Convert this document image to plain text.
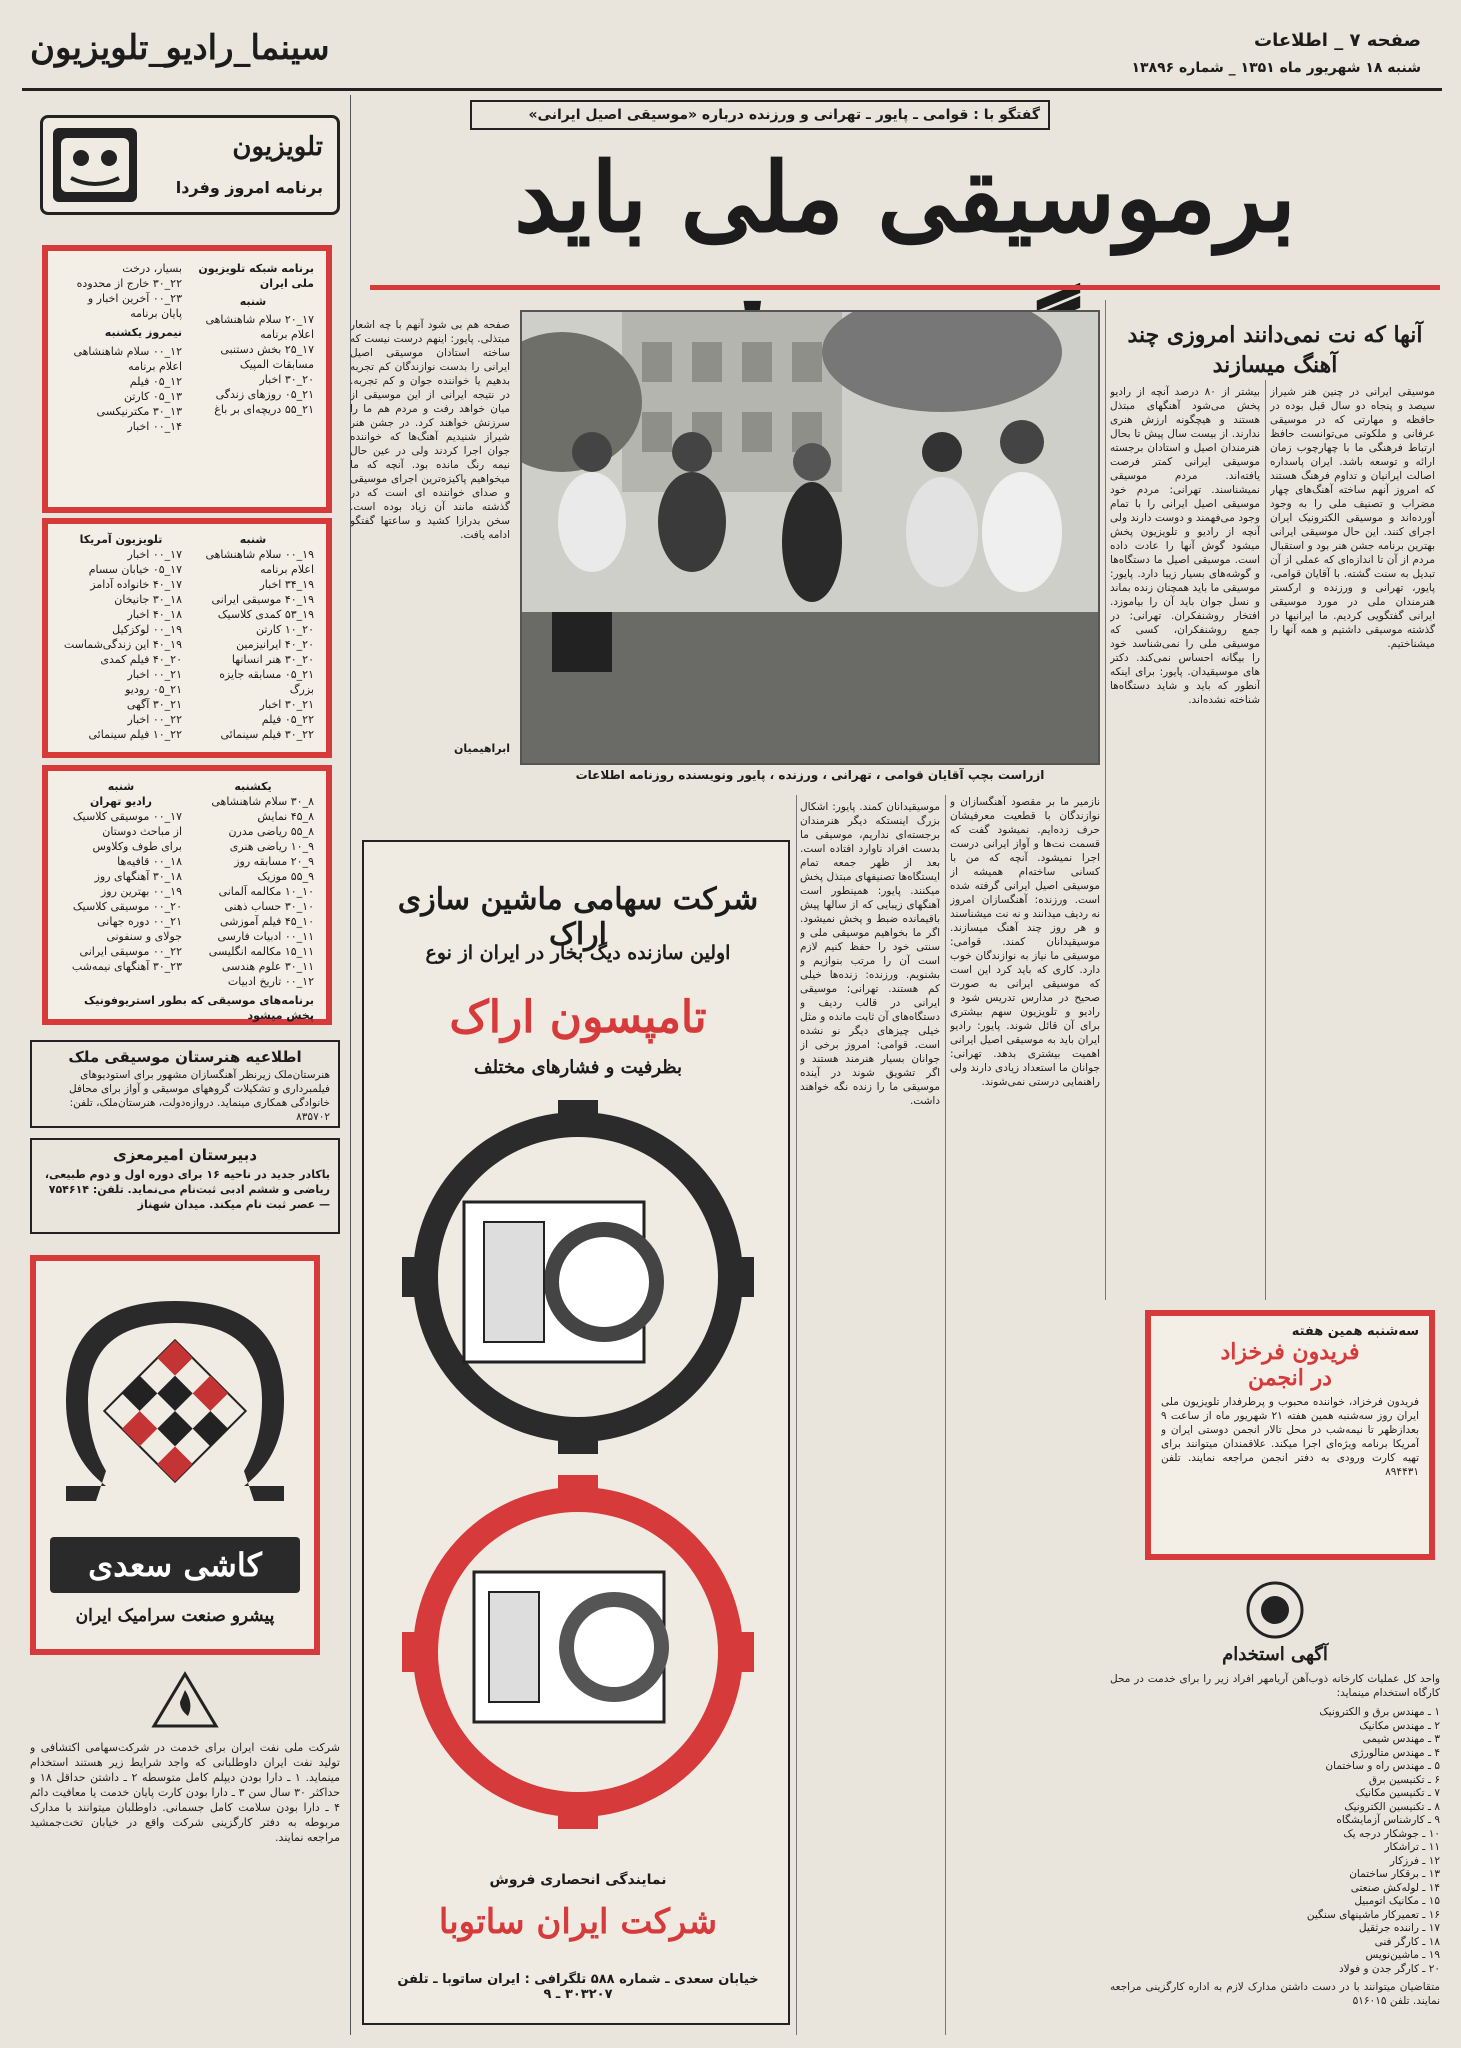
سینما_رادیو_تلویزیون	صفحه ۷ _ اطلاعات
شنبه ۱۸ شهریور ماه ۱۳۵۱ _ شماره ۱۳۸۹۶
تلویزیون
برنامه امروز وفردا
برنامه شبکه تلویزیون ملی ایران
شنبه
۱۷_۲۰ سلام شاهنشاهی
اعلام برنامه
۱۷_۲۵ بخش دستنبی
مسابقات المپیک
۲۰_۳۰ اخبار
۲۱_۰۵ روزهای زندگی
۲۱_۵۵ دریچه‌ای بر باغ
بسیار، درخت
۲۲_۳۰ خارج از محدوده
۲۳_۰۰ آخرین اخبار و
پایان برنامه
نیمروز یکشنبه
۱۲_۰۰ سلام شاهنشاهی
اعلام برنامه
۱۲_۰۵ فیلم
۱۳_۰۵ کارتن
۱۳_۳۰ مکترنیکسی
۱۴_۰۰ اخبار
شنبه
۱۹_۰۰ سلام شاهنشاهی
اعلام برنامه
۱۹_۳۴ اخبار
۱۹_۴۰ موسیقی ایرانی
۱۹_۵۳ کمدی کلاسیک
۲۰_۱۰ کارتن
۲۰_۴۰ ایرانیزمین
۲۰_۳۰ هنر انسانها
۲۱_۰۵ مسابقه جایزه بزرگ
۲۱_۳۰ اخبار
۲۲_۰۵ فیلم
۲۲_۳۰ فیلم سینمائی
تلویزیون آمریکا
۱۷_۰۰ اخبار
۱۷_۰۵ خیابان سسام
۱۷_۴۰ خانواده آدامز
۱۸_۳۰ جانیخان
۱۸_۴۰ اخبار
۱۹_۰۰ لوکزکیل
۱۹_۴۰ این زندگی‌شماست
۲۰_۴۰ فیلم کمدی
۲۱_۰۰ اخبار
۲۱_۰۵ رودیو
۲۱_۳۰ آگهی
۲۲_۰۰ اخبار
۲۲_۱۰ فیلم سینمائی
یکشنبه
۸_۳۰ سلام شاهنشاهی
۸_۴۵ نمایش
۸_۵۵ ریاضی مدرن
۹_۱۰ ریاضی هنری
۹_۲۰ مسابقه روز
۹_۵۵ موزیک
۱۰_۱۰ مکالمه آلمانی
۱۰_۳۰ حساب ذهنی
۱۰_۴۵ فیلم آموزشی
۱۱_۰۰ ادبیات فارسی
۱۱_۱۵ مکالمه انگلیسی
۱۱_۳۰ علوم هندسی
۱۲_۰۰ تاریخ ادبیات
شنبه
رادیو تهران
۱۷_۰۰ موسیقی کلاسیک
از مباحث دوستان
برای طوف وکلاوس
۱۸_۰۰ قافیه‌ها
۱۸_۳۰ آهنگهای روز
۱۹_۰۰ بهترین روز
۲۰_۰۰ موسیقی کلاسیک
۲۱_۰۰ دوره جهانی
جولای و سنفونی
۲۲_۰۰ موسیقی ایرانی
۲۳_۳۰ آهنگهای نیمه‌شب
برنامه‌های موسیقی که بطور استریوفونیک پخش میشود
اطلاعیه هنرستان موسیقی ملک
هنرستان‌ملک زیرنظر آهنگسازان مشهور برای استودیوهای فیلمبرداری و تشکیلات گروههای موسیقی و آواز برای محافل خانوادگی همکاری مینماید. دروازه‌دولت، هنرستان‌ملک، تلفن: ۸۳۵۷۰۲
دبیرستان امیرمعزی
باکادر جدید در ناحیه ۱۶ برای دوره اول و دوم طبیعی، ریاضی و ششم ادبی ثبت‌نام می‌نماید. تلفن: ۷۵۴۶۱۴ — عصر ثبت نام میکند. میدان شهناز
کاشی سعدی
پیشرو صنعت سرامیک ایران
شرکت ملی نفت ایران برای خدمت در شرکت‌سهامی اکتشافی و تولید نفت ایران داوطلبانی که واجد شرایط زیر هستند استخدام مینماید. ۱ ـ دارا بودن دیپلم کامل متوسطه ۲ ـ داشتن حداقل ۱۸ و حداکثر ۳۰ سال سن ۳ ـ دارا بودن کارت پایان خدمت یا معافیت دائم ۴ ـ دارا بودن سلامت کامل جسمانی. داوطلبان میتوانند با مدارک مربوطه به دفتر کارگزینی شرکت واقع در خیابان تخت‌جمشید مراجعه نمایند.
گفتگو با : قوامی ـ پایور ـ تهرانی و ورزنده درباره «موسیقی اصیل ایرانی»
برموسیقی ملی باید
آنها که نت نمی‌دانند امروزی چند آهنگ میسازند
ازراست بچپ آقایان قوامی ، تهرانی ، ورزنده ، پایور ونویسنده روزنامه اطلاعات
صفحه هم بی شود آنهم با چه اشعار مبتذلی. پایور: اینهم درست نیست که ساخته استادان موسیقی اصیل ایرانی را بدست نوازندگان کم تجربه بدهیم یا خواننده جوان و کم تجربه. در نتیجه ایرانی از این موسیقی از میان خواهد رفت و مردم هم ما را سرزنش خواهند کرد. در جشن هنر شیراز شنیدیم آهنگ‌ها که خواننده جوان اجرا کردند ولی در عین حال نیمه رنگ مانده بود. آنچه که ما میخواهیم پاکیزه‌ترین اجرای موسیقی و صدای خواننده ای است که در گذشته مانند آن زیاد بوده است. سخن بدرازا کشید و ساعتها گفتگو ادامه یافت.
ابراهیمیان
موسیقی ایرانی در چنین هنر شیراز سیصد و پنجاه دو سال قبل بوده در حافظه و مهارتی که در موسیقی عرفانی و ملکوتی می‌توانست حافظ ارتباط فرهنگی ما با چهارچوب زمان ارائه و توسعه باشد. ایران پاسداره اصالت ایرانیان و تداوم فرهنگ هستند که امروز آنهم ساخته آهنگ‌های چهار مضراب و تصنیف ملی را به وجود آورده‌اند و موسیقی الکترونیک ایران اجرای کنند. این حال موسیقی ایرانی بهترین برنامه جشن هنر بود و استقبال مردم از آن تا اندازه‌ای که عملی از آن تبدیل به سنت گشته. با آقایان قوامی، پایور، تهرانی و ورزنده و ارکستر هنرمندان ملی در مورد موسیقی ایرانی گفتگویی کردیم. ما ایرانیها در گذشته موسیقی داشتیم و همه آنها را میشناختیم.
بیشتر از ۸۰ درصد آنچه از رادیو پخش می‌شود آهنگهای مبتذل هستند و هیچگونه ارزش هنری ندارند. از بیست سال پیش تا بحال هنرمندان اصیل و استادان برجسته موسیقی ایرانی کمتر فرصت یافته‌اند. مردم موسیقی نمیشناسند. تهرانی: مردم خود موسیقی اصیل ایرانی را با تمام وجود می‌فهمند و دوست دارند ولی آنچه از رادیو و تلویزیون پخش میشود گوش آنها را عادت داده است. موسیقی اصیل ما دستگاه‌ها و گوشه‌های بسیار زیبا دارد. پایور: موسیقی ما باید همچنان زنده بماند و نسل جوان باید آن را بیاموزد. افتخار روشنفکران. تهرانی: در جمع روشنفکران، کسی که موسیقی ملی را نمی‌شناسد خود را بیگانه احساس نمی‌کند. دکتر های موسیقیدان. پایور: برای اینکه آنطور که باید و شاید دستگاه‌ها شناخته نشده‌اند.
نازمیر ما بر مقصود آهنگسازان و نوازندگان با قطعیت معرفیشان حرف زده‌ایم. نمیشود گفت که قسمت نت‌ها و آواز ایرانی درست اجرا نمیشود. آنچه که من با کسانی ساخته‌ام همیشه از موسیقی اصیل ایرانی گرفته شده است. ورزنده: آهنگسازان امروز نه ردیف میدانند و نه نت میشناسند و هر روز چند آهنگ میسازند. موسیقیدانان کمند. قوامی: موسیقی ما نیاز به نوازندگان خوب دارد. کاری که باید کرد این است که موسیقی ایرانی به صورت صحیح در مدارس تدریس شود و رادیو و تلویزیون سهم بیشتری برای آن قائل شوند. پایور: رادیو ایران باید به موسیقی اصیل ایرانی اهمیت بیشتری بدهد. تهرانی: جوانان ما استعداد زیادی دارند ولی راهنمایی درستی نمی‌شوند.
موسیقیدانان کمند. پایور: اشکال بزرگ اینستکه دیگر هنرمندان برجسته‌ای نداریم، موسیقی ما بدست افراد ناوارد افتاده است. بعد از ظهر جمعه تمام ایستگاه‌ها تصنیفهای مبتذل پخش میکنند. پایور: همینطور است آهنگهای زیبایی که از سالها پیش باقیمانده ضبط و پخش نمیشود. اگر ما بخواهیم موسیقی ملی و سنتی خود را حفظ کنیم لازم است آن را مرتب بنوازیم و بشنویم. ورزنده: زنده‌ها خیلی کم هستند. تهرانی: موسیقی ایرانی در قالب ردیف و دستگاه‌های آن ثابت مانده و مثل خیلی چیزهای دیگر نو نشده است. قوامی: امروز برخی از جوانان بسیار هنرمند هستند و اگر تشویق شوند در آینده موسیقی ما را زنده نگه خواهند داشت.
شرکت سهامی ماشین سازی اراک
اولین سازنده دیگ بخار در ایران از نوع
تامپسون ‌‌‌‌اراک
بظرفیت و فشارهای مختلف
نمایندگی انحصاری فروش
شرکت ایران ساتوبا
خیابان سعدی ـ شماره ۵۸۸ تلگرافی : ایران ساتوبا ـ تلفن ۳۰۳۲۰۷ ـ ۹
سه‌شنبه همین هفته
فریدون فرخزاد
در انجمن
فریدون فرخزاد، خواننده محبوب و پرطرفدار تلویزیون ملی ایران روز سه‌شنبه همین هفته ۲۱ شهریور ماه از ساعت ۹ بعدازظهر تا نیمه‌شب در محل تالار انجمن دوستی ایران و آمریکا برنامه ویژه‌ای اجرا میکند. علاقمندان میتوانند برای تهیه کارت ورودی به دفتر انجمن مراجعه نمایند. تلفن ۸۹۴۴۳۱
آگهی استخدام
واحد کل عملیات کارخانه ذوب‌آهن آریامهر افراد زیر را برای خدمت در محل کارگاه استخدام مینماید:
۱ ـ مهندس برق و الکترونیک
۲ ـ مهندس مکانیک
۳ ـ مهندس شیمی
۴ ـ مهندس متالورژی
۵ ـ مهندس راه و ساختمان
۶ ـ تکنیسین برق
۷ ـ تکنیسین مکانیک
۸ ـ تکنیسین الکترونیک
۹ ـ کارشناس آزمایشگاه
۱۰ ـ جوشکار درجه یک
۱۱ ـ تراشکار
۱۲ ـ فرزکار
۱۳ ـ برقکار ساختمان
۱۴ ـ لوله‌کش صنعتی
۱۵ ـ مکانیک اتومبیل
۱۶ ـ تعمیرکار ماشینهای سنگین
۱۷ ـ راننده جرثقیل
۱۸ ـ کارگر فنی
۱۹ ـ ماشین‌نویس
۲۰ ـ کارگر جدن و فولاد
متقاضیان میتوانند با در دست داشتن مدارک لازم به اداره کارگزینی مراجعه نمایند. تلفن ۵۱۶۰۱۵
